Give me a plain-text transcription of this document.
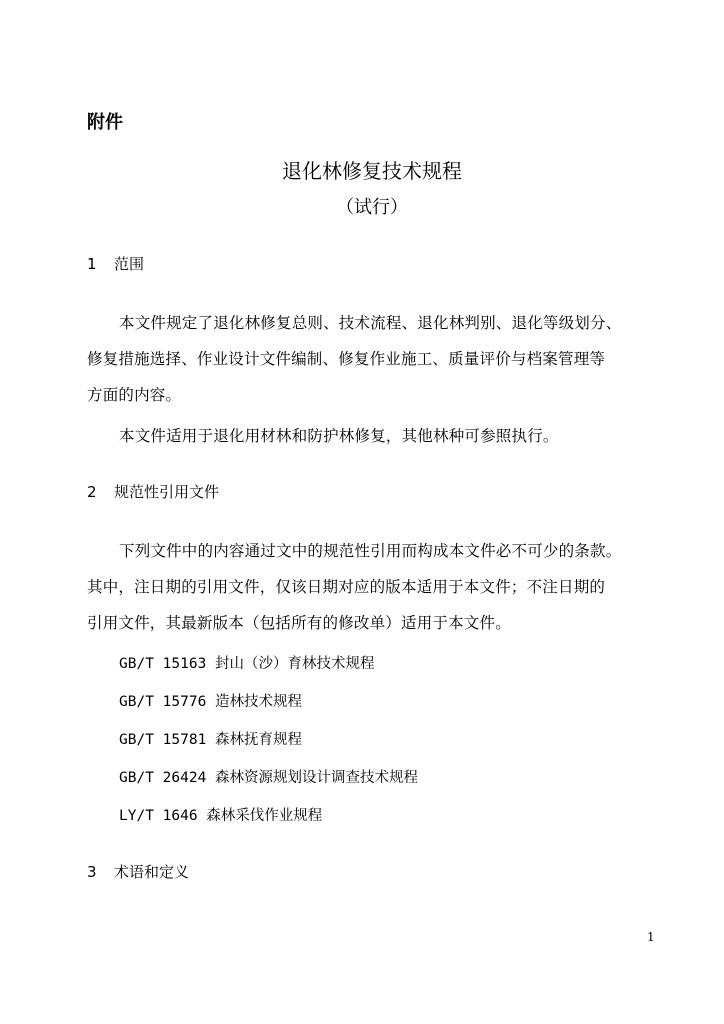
附件
退化林修复技术规程
（试行）
1 范围
本文件规定了退化林修复总则、技术流程、退化林判别、退化等级划分、
修复措施选择、作业设计文件编制、修复作业施工、质量评价与档案管理等
方面的内容。
本文件适用于退化用材林和防护林修复，其他林种可参照执行。
2 规范性引用文件
下列文件中的内容通过文中的规范性引用而构成本文件必不可少的条款。
其中，注日期的引用文件，仅该日期对应的版本适用于本文件；不注日期的
引用文件，其最新版本（包括所有的修改单）适用于本文件。
GB/T 15163 封山（沙）育林技术规程
GB/T 15776 造林技术规程
GB/T 15781 森林抚育规程
GB/T 26424 森林资源规划设计调查技术规程
LY/T 1646 森林采伐作业规程
3 术语和定义
1
